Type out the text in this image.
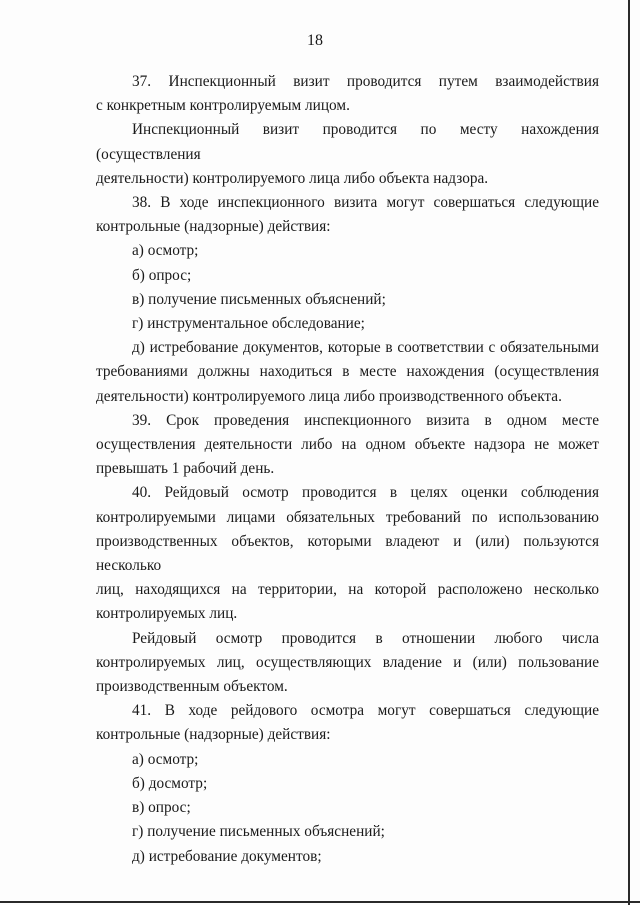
18

37. Инспекционный визит проводится путем взаимодействия

с конкретным контролируемым лицом.

Инспекционный визит проводится по месту нахождения (осуществления

деятельности) контролируемого лица либо объекта надзора.

38. В ходе инспекционного визита могут совершаться следующие

контрольные (надзорные) действия:

а) осмотр;

б) опрос;

в) получение письменных объяснений;

г) инструментальное обследование;

д) истребование документов, которые в соответствии с обязательными

требованиями должны находиться в месте нахождения (осуществления

деятельности) контролируемого лица либо производственного объекта.

39. Срок проведения инспекционного визита в одном месте

осуществления деятельности либо на одном объекте надзора не может

превышать 1 рабочий день.

40. Рейдовый осмотр проводится в целях оценки соблюдения

контролируемыми лицами обязательных требований по использованию

производственных объектов, которыми владеют и (или) пользуются несколько

лиц, находящихся на территории, на которой расположено несколько

контролируемых лиц.

Рейдовый осмотр проводится в отношении любого числа

контролируемых лиц, осуществляющих владение и (или) пользование

производственным объектом.

41. В ходе рейдового осмотра могут совершаться следующие

контрольные (надзорные) действия:

а) осмотр;

б) досмотр;

в) опрос;

г) получение письменных объяснений;

д) истребование документов;
